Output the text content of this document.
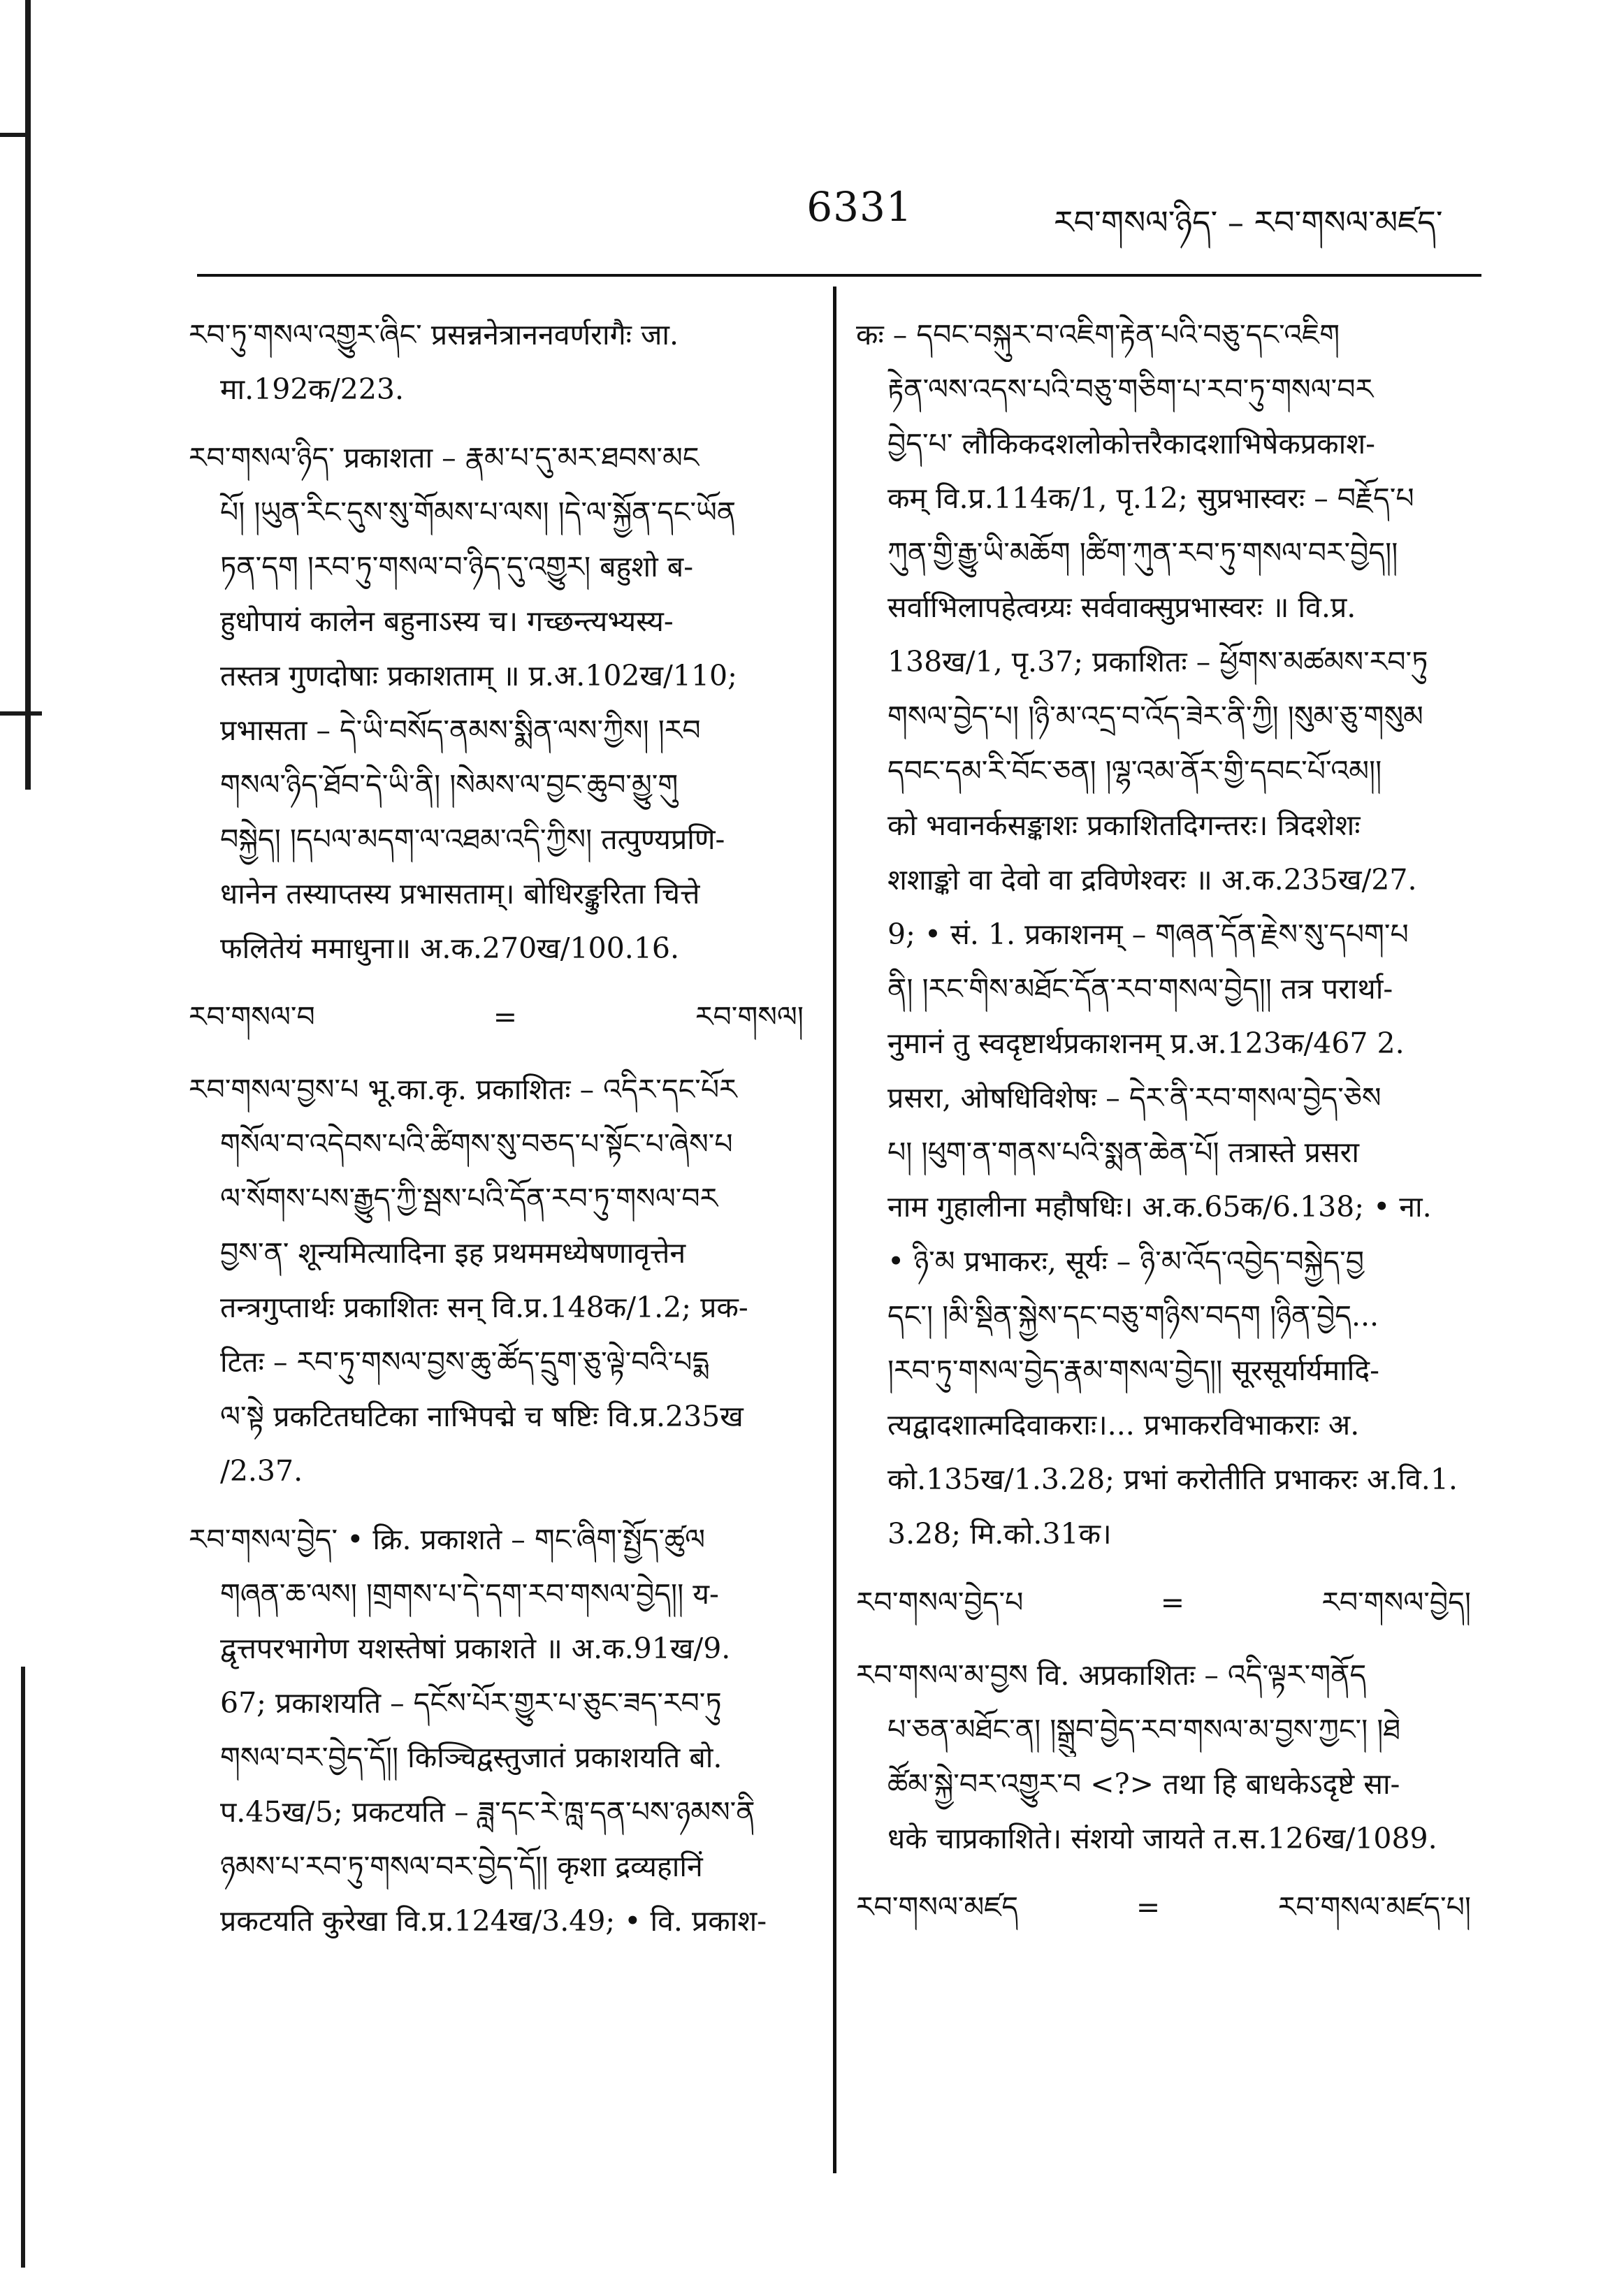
6331	རབ་གསལ་ཉིད་ – རབ་གསལ་མཛད་
རབ་ཏུ་གསལ་འགྱུར་ཞིང་ प्रसन्ननेत्राननवर्णरागैः जा.
मा.192क/223.
རབ་གསལ་ཉིད་ प्रकाशता – རྣམ་པ་དུ་མར་ཐབས་མང
པོ། །ཡུན་རིང་དུས་སུ་གོམས་པ་ལས། །དེ་ལ་སྐྱོན་དང་ཡོན
ཏན་དག །རབ་ཏུ་གསལ་བ་ཉིད་དུ་འགྱུར། बहुशो ब-
हुधोपायं कालेन बहुनाऽस्य च। गच्छन्त्यभ्यस्य-
तस्तत्र गुणदोषाः प्रकाशताम् ॥ प्र.अ.102ख/110;
प्रभासता – དེ་ཡི་བསོད་ནམས་སྨིན་ལས་ཀྱིས། །རབ
གསལ་ཉིད་ཐོབ་དེ་ཡི་ནི། །སེམས་ལ་བྱང་ཆུབ་མྱུ་གུ
བསྐྱེད། །དཔལ་མདག་ལ་འཐམ་འདི་ཀྱིས། तत्पुण्यप्रणि-
धानेन तस्याप्तस्य प्रभासताम्। बोधिरङ्कुरिता चित्ते
फलितेयं ममाधुना॥ अ.क.270ख/100.16.
རབ་གསལ་བ	=	རབ་གསལ།
རབ་གསལ་བྱས་པ भू.का.कृ. प्रकाशितः – འདིར་དང་པོར
གསོལ་བ་འདེབས་པའི་ཚིགས་སུ་བཅད་པ་སྟོང་པ་ཞེས་པ
ལ་སོགས་པས་རྒྱུད་ཀྱི་སྦས་པའི་དོན་རབ་ཏུ་གསལ་བར
བྱས་ན་ शून्यमित्यादिना इह प्रथममध्येषणावृत्तेन
तन्त्रगुप्तार्थः प्रकाशितः सन् वि.प्र.148क/1.2; प्रक-
टितः – རབ་ཏུ་གསལ་བྱས་ཆུ་ཚོད་དྲུག་ཅུ་ལྟེ་བའི་པདྨ
ལ་སྟེ प्रकटितघटिका नाभिपद्मे च षष्टिः वि.प्र.235ख
/2.37.
རབ་གསལ་བྱེད་ • क्रि. प्रकाशते – གང་ཞིག་སྤྱོད་ཚུལ
གཞན་ཆ་ལས། །གྲགས་པ་དེ་དག་རབ་གསལ་བྱེད།། य-
द्वृत्तपरभागेण यशस्तेषां प्रकाशते ॥ अ.क.91ख/9.
67; प्रकाशयति – དངོས་པོར་གྱུར་པ་ཅུང་ཟད་རབ་ཏུ
གསལ་བར་བྱེད་དོ།། किञ्चिद्वस्तुजातं प्रकाशयति बो.
प.45ख/5; प्रकटयति – ཟླ་དང་རེ་ཁླ་དན་པས་ཉམས་ནི
ཉམས་པ་རབ་ཏུ་གསལ་བར་བྱེད་དོ།། कृशा द्रव्यहानिं
प्रकटयति कुरेखा वि.प्र.124ख/3.49; • वि. प्रकाश-
कः – དབང་བསྐུར་བ་འཇིག་རྟེན་པའི་བཅུ་དང་འཇིག
རྟེན་ལས་འདས་པའི་བཅུ་གཅིག་པ་རབ་ཏུ་གསལ་བར
བྱེད་པ་ लौकिकदशलोकोत्तरैकादशाभिषेकप्रकाश-
कम् वि.प्र.114क/1, पृ.12; सुप्रभास्वरः – བརྗོད་པ
ཀུན་གྱི་རྒྱུ་ཡི་མཆོག །ཚིག་ཀུན་རབ་ཏུ་གསལ་བར་བྱེད།།
सर्वाभिलापहेत्वग्र्यः सर्ववाक्सुप्रभास्वरः ॥ वि.प्र.
138ख/1, पृ.37; प्रकाशितः – ཕྱོགས་མཚམས་རབ་ཏུ
གསལ་བྱེད་པ། །ཉི་མ་འདྲ་བ་འོད་ཟེར་ནི་ཀྱི། །སུམ་ཅུ་གསུམ
དབང་དམ་རི་བོང་ཅན། །ལྷ་འམ་ནོར་གྱི་དབང་པོ་འམ།།
को भवानर्कसङ्काशः प्रकाशितदिगन्तरः। त्रिदशेशः
शशाङ्को वा देवो वा द्रविणेश्वरः ॥ अ.क.235ख/27.
9; • सं. 1. प्रकाशनम् – གཞན་དོན་རྗེས་སུ་དཔག་པ
ནི། །རང་གིས་མཐོང་དོན་རབ་གསལ་བྱེད།། तत्र परार्था-
नुमानं तु स्वदृष्टार्थप्रकाशनम् प्र.अ.123क/467 2.
प्रसरा, ओषधिविशेषः – དེར་ནི་རབ་གསལ་བྱེད་ཅེས
པ། །ཕུག་ན་གནས་པའི་སྨན་ཆེན་པོ། तत्रास्ते प्रसरा
नाम गुहालीना महौषधिः। अ.क.65क/6.138; • ना.
• ཉི་མ प्रभाकरः, सूर्यः – ཉི་མ་འོད་འབྱེད་བསྐྱེད་བྱ
དང་། །མི་སྡིན་སྐྱེས་དང་བཅུ་གཉིས་བདག །ཉིན་བྱེད...
།རབ་ཏུ་གསལ་བྱེད་རྣམ་གསལ་བྱེད།། सूरसूर्यार्यमादि-
त्यद्वादशात्मदिवाकराः।... प्रभाकरविभाकराः अ.
को.135ख/1.3.28; प्रभां करोतीति प्रभाकरः अ.वि.1.
3.28; मि.को.31क।
རབ་གསལ་བྱེད་པ	=	རབ་གསལ་བྱེད།
རབ་གསལ་མ་བྱས वि. अप्रकाशितः – འདི་ལྟར་གནོད
པ་ཅན་མཐོང་ན། །སྒྲུབ་བྱེད་རབ་གསལ་མ་བྱས་ཀྱང་། །ཐེ
ཚོམ་སྐྱེ་བར་འགྱུར་བ <?> तथा हि बाधकेऽदृष्टे सा-
धके चाप्रकाशिते। संशयो जायते त.स.126ख/1089.
རབ་གསལ་མཛད	=	རབ་གསལ་མཛད་པ།
